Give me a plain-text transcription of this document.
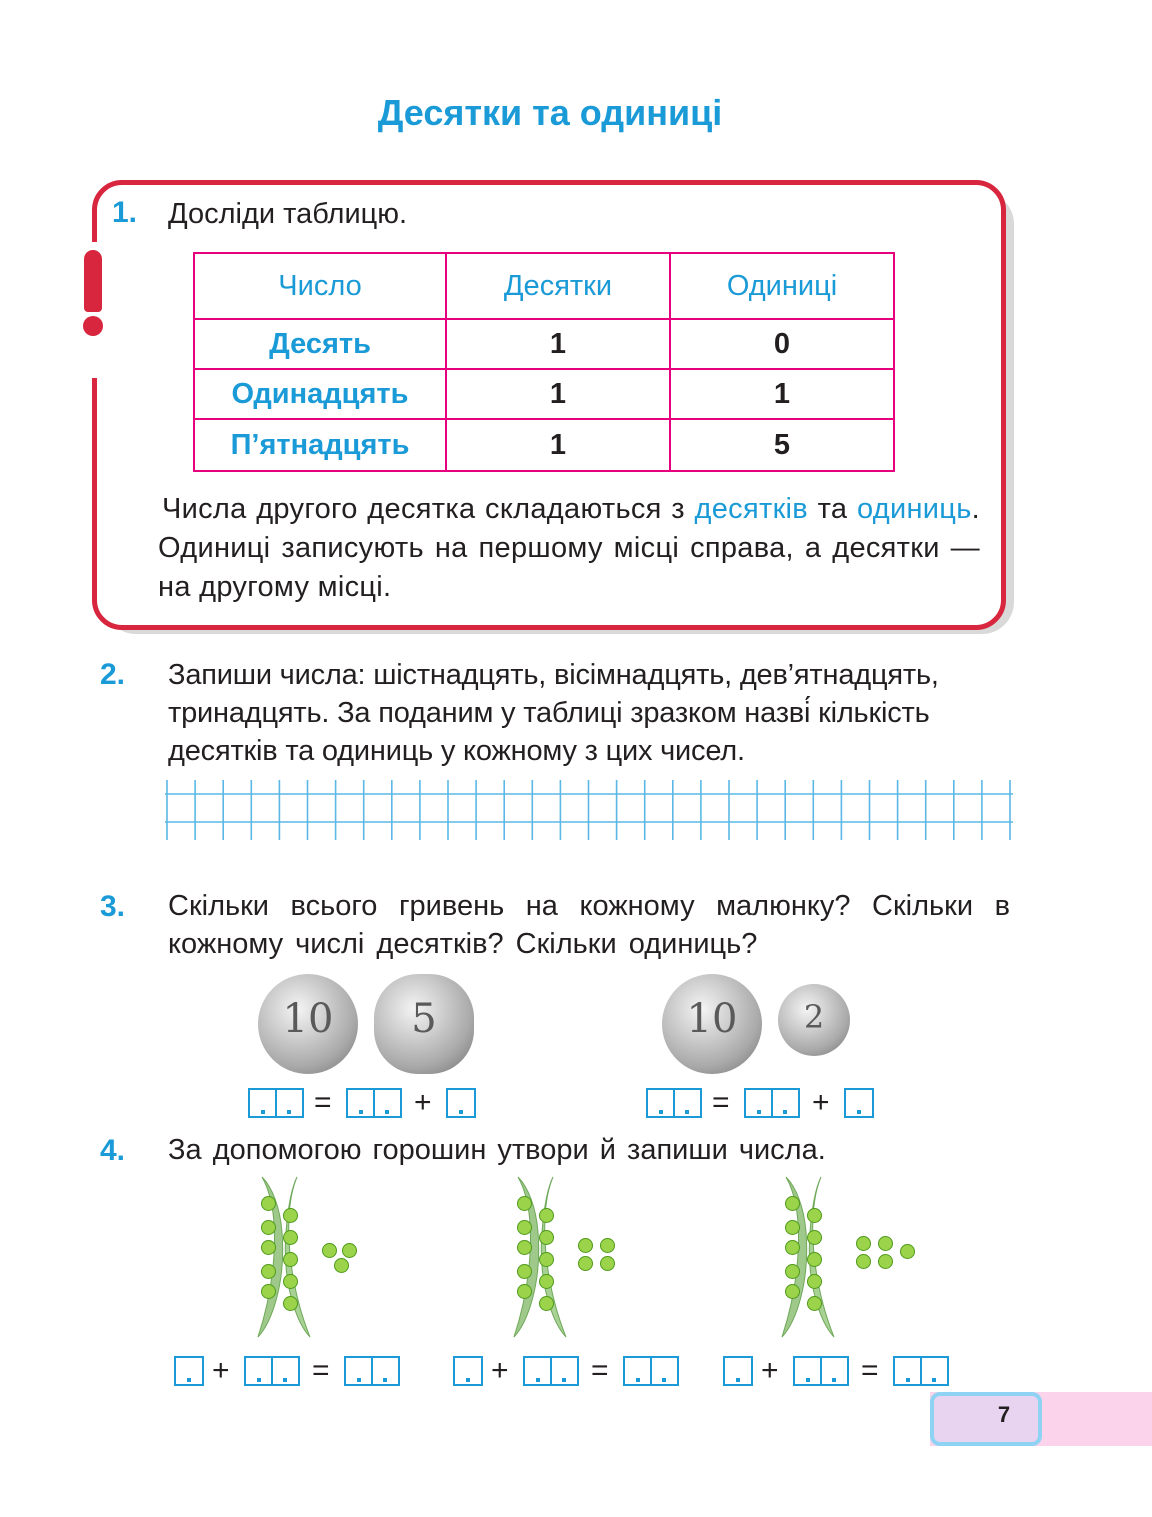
Десятки та одиниці
1. Досліди таблицю.
Число	Десятки	Одиниці
Десять	1	0
Одинадцять	1	1
П’ятнадцять	1	5
Числа другого десятка складаються з десятків та одиниць. Одиниці записують на першому місці справа, а десятки — на другому місці.
2. Запиши числа: шістнадцять, вісімнадцять, дев’ятнадцять, тринадцять. За поданим у таблиці зразком назві́ кількість десятків та одиниць у кожному з цих чисел.
3. Скільки всього гривень на кожному малюнку? Скільки в кожному числі десятків? Скільки одиниць?
10	5	10	2
=	+	=	+
4. За допомогою горошин утвори й запиши числа.
+	=	+	=	+	=
7
